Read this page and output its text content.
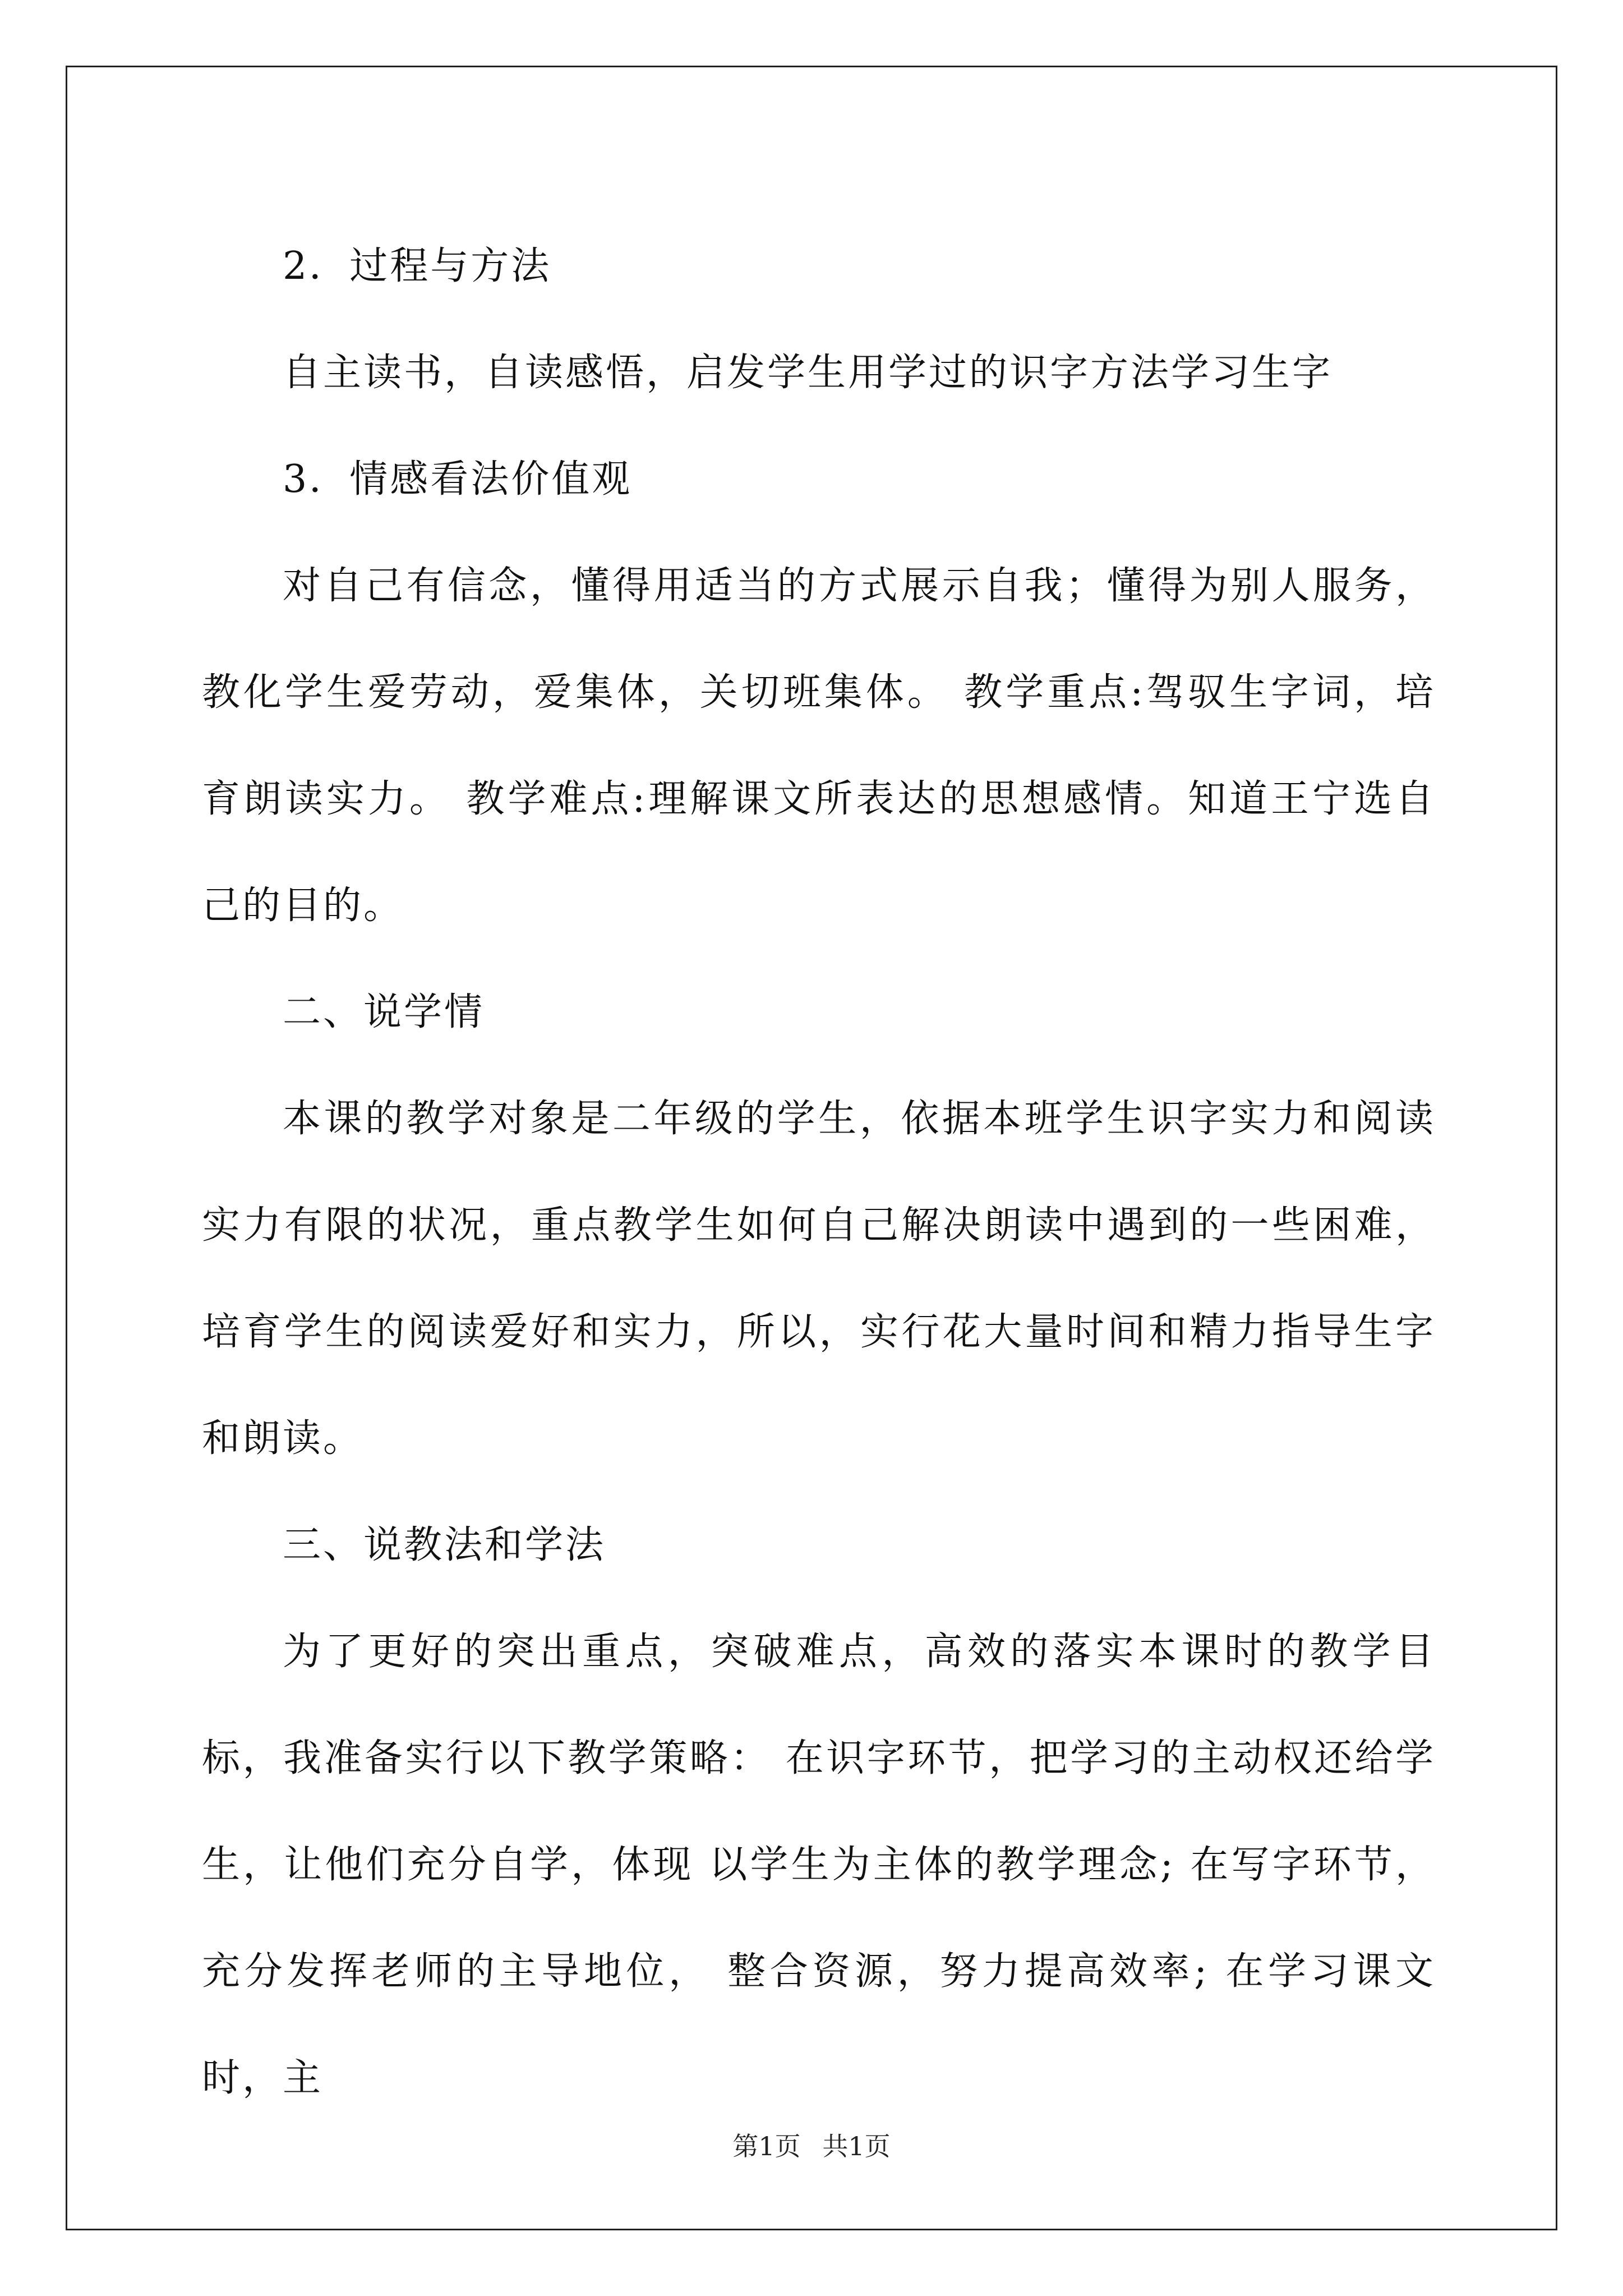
2．过程与方法

自主读书，自读感悟，启发学生用学过的识字方法学习生字

3．情感看法价值观

对自己有信念，懂得用适当的方式展示自我；懂得为别人服务，教化学生爱劳动，爱集体，关切班集体。 教学重点:驾驭生字词，培育朗读实力。 教学难点:理解课文所表达的思想感情。知道王宁选自己的目的。

二、说学情

本课的教学对象是二年级的学生，依据本班学生识字实力和阅读实力有限的状况，重点教学生如何自己解决朗读中遇到的一些困难，培育学生的阅读爱好和实力，所以，实行花大量时间和精力指导生字和朗读。

三、说教法和学法

为了更好的突出重点，突破难点，高效的落实本课时的教学目标，我准备实行以下教学策略： 在识字环节，把学习的主动权还给学生，让他们充分自学，体现 以学生为主体的教学理念; 在写字环节，充分发挥老师的主导地位， 整合资源，努力提高效率; 在学习课文时，主

第1页 共1页
